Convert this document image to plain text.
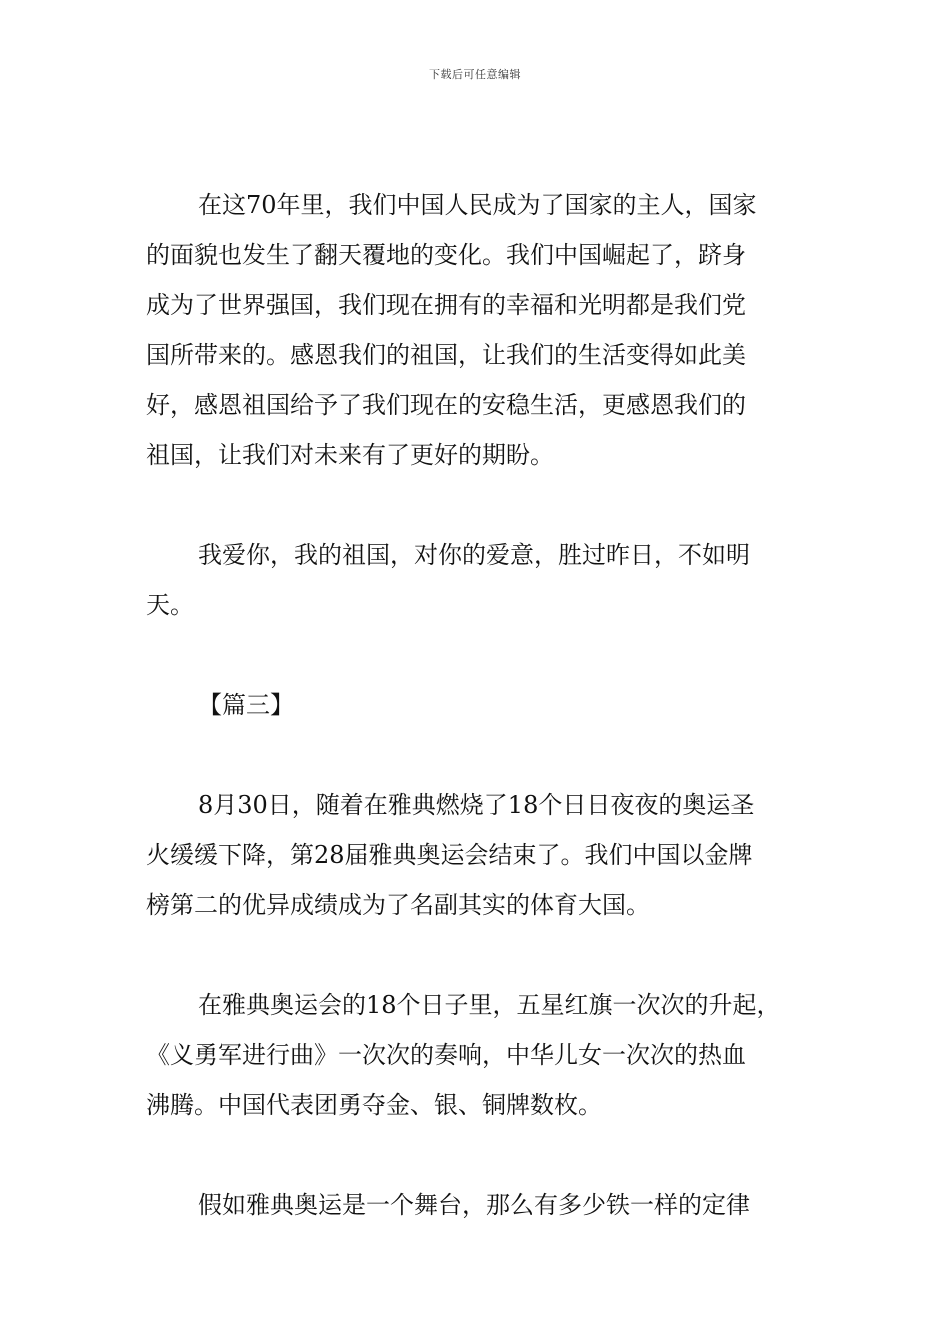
下载后可任意编辑

在这70年里，我们中国人民成为了国家的主人，国家
的面貌也发生了翻天覆地的变化。我们中国崛起了，跻身
成为了世界强国，我们现在拥有的幸福和光明都是我们党
国所带来的。感恩我们的祖国，让我们的生活变得如此美
好，感恩祖国给予了我们现在的安稳生活，更感恩我们的
祖国，让我们对未来有了更好的期盼。

我爱你，我的祖国，对你的爱意，胜过昨日，不如明
天。

【篇三】

8月30日，随着在雅典燃烧了18个日日夜夜的奥运圣
火缓缓下降，第28届雅典奥运会结束了。我们中国以金牌
榜第二的优异成绩成为了名副其实的体育大国。

在雅典奥运会的18个日子里，五星红旗一次次的升起，
《义勇军进行曲》一次次的奏响，中华儿女一次次的热血
沸腾。中国代表团勇夺金、银、铜牌数枚。

假如雅典奥运是一个舞台，那么有多少铁一样的定律
